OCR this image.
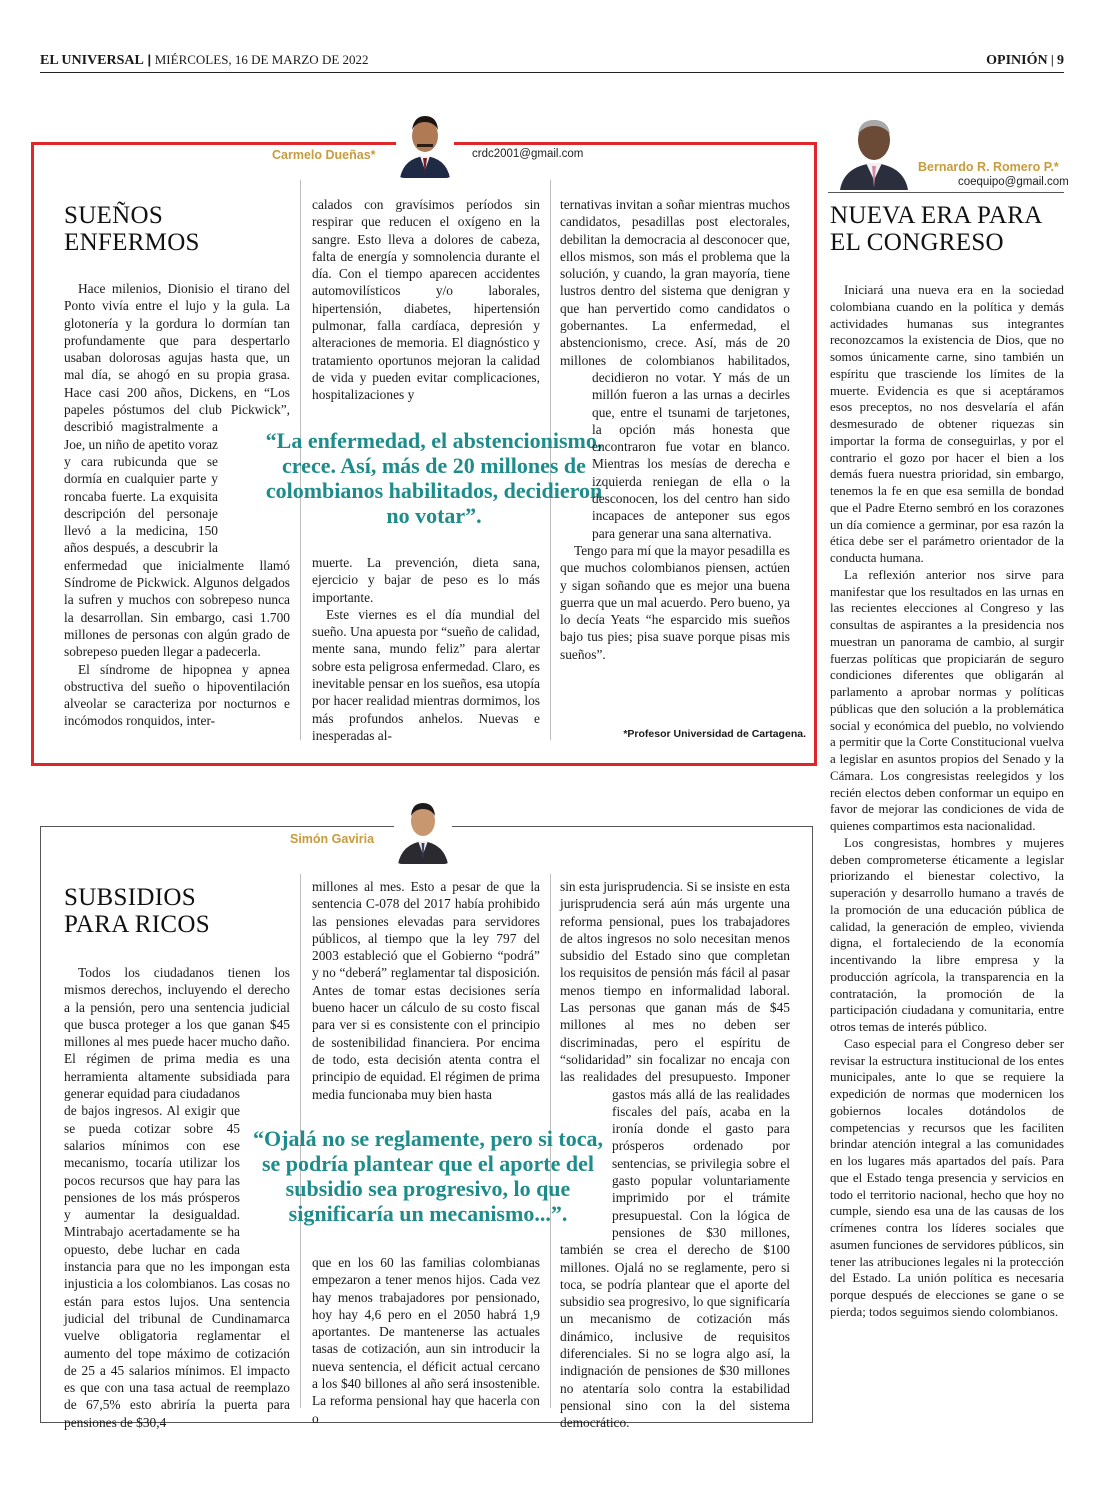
EL UNIVERSAL | MIÉRCOLES, 16 DE MARZO DE 2022	OPINIÓN | 9
Carmelo Dueñas*	crdc2001@gmail.com
SUEÑOS
ENFERMOS

Hace milenios, Dionisio el tirano del Ponto vivía entre el lujo y la gula. La glotonería y la gordura lo dormían tan profundamente que para despertarlo usaban dolorosas agujas hasta que, un mal día, se ahogó en su propia grasa. Hace casi 200 años, Dickens, en “Los papeles póstumos del club Pickwick”, describió magistralmente a Joe, un niño de apetito voraz y cara rubicunda que se dormía en cualquier parte y roncaba fuerte. La exquisita descripción del personaje llevó a la medicina, 150 años después, a descubrir la enfermedad que inicialmente llamó Síndrome de Pickwick. Algunos delgados la sufren y muchos con sobrepeso nunca la desarrollan. Sin embargo, casi 1.700 millones de personas con algún grado de sobrepeso pueden llegar a padecerla.

El síndrome de hipopnea y apnea obstructiva del sueño o hipoventilación alveolar se caracteriza por nocturnos e incómodos ronquidos, inter-

calados con gravísimos períodos sin respirar que reducen el oxígeno en la sangre. Esto lleva a dolores de cabeza, falta de energía y somnolencia durante el día. Con el tiempo aparecen accidentes automovilísticos y/o laborales, hipertensión, diabetes, hipertensión pulmonar, falla cardíaca, depresión y alteraciones de memoria. El diagnóstico y tratamiento oportunos mejoran la calidad de vida y pueden evitar complicaciones, hospitalizaciones y

“La enfermedad, el abstencionismo, crece. Así, más de 20 millones de colombianos habilitados, decidieron no votar”.

muerte. La prevención, dieta sana, ejercicio y bajar de peso es lo más importante.

Este viernes es el día mundial del sueño. Una apuesta por “sueño de calidad, mente sana, mundo feliz” para alertar sobre esta peligrosa enfermedad. Claro, es inevitable pensar en los sueños, esa utopía por hacer realidad mientras dormimos, los más profundos anhelos. Nuevas e inesperadas al-

ternativas invitan a soñar mientras muchos candidatos, pesadillas post electorales, debilitan la democracia al desconocer que, ellos mismos, son más el problema que la solución, y cuando, la gran mayoría, tiene lustros dentro del sistema que denigran y que han pervertido como candidatos o gobernantes. La enfermedad, el abstencionismo, crece. Así, más de 20 millones de colombianos habilitados, decidieron no votar. Y más de un millón fueron a las urnas a decirles que, entre el tsunami de tarjetones, la opción más honesta que encontraron fue votar en blanco. Mientras los mesías de derecha e izquierda reniegan de ella o la desconocen, los del centro han sido incapaces de anteponer sus egos para generar una sana alternativa.

Tengo para mí que la mayor pesadilla es que muchos colombianos piensen, actúen y sigan soñando que es mejor una buena guerra que un mal acuerdo. Pero bueno, ya lo decía Yeats “he esparcido mis sueños bajo tus pies; pisa suave porque pisas mis sueños”.

*Profesor Universidad de Cartagena.
Simón Gaviria
SUBSIDIOS
PARA RICOS

Todos los ciudadanos tienen los mismos derechos, incluyendo el derecho a la pensión, pero una sentencia judicial que busca proteger a los que ganan $45 millones al mes puede hacer mucho daño. El régimen de prima media es una herramienta altamente subsidiada para generar equidad para ciudadanos de bajos ingresos. Al exigir que se pueda cotizar sobre 45 salarios mínimos con ese mecanismo, tocaría utilizar los pocos recursos que hay para las pensiones de los más prósperos y aumentar la desigualdad. Mintrabajo acertadamente se ha opuesto, debe luchar en cada instancia para que no les impongan esta injusticia a los colombianos. Las cosas no están para estos lujos. Una sentencia judicial del tribunal de Cundinamarca vuelve obligatoria reglamentar el aumento del tope máximo de cotización de 25 a 45 salarios mínimos. El impacto es que con una tasa actual de reemplazo de 67,5% esto abriría la puerta para pensiones de $30,4

millones al mes. Esto a pesar de que la sentencia C-078 del 2017 había prohibido las pensiones elevadas para servidores públicos, al tiempo que la ley 797 del 2003 estableció que el Gobierno “podrá” y no “deberá” reglamentar tal disposición. Antes de tomar estas decisiones sería bueno hacer un cálculo de su costo fiscal para ver si es consistente con el principio de sostenibilidad financiera. Por encima de todo, esta decisión atenta contra el principio de equidad. El régimen de prima media funcionaba muy bien hasta

“Ojalá no se reglamente, pero si toca, se podría plantear que el aporte del subsidio sea progresivo, lo que significaría un mecanismo...”.

que en los 60 las familias colombianas empezaron a tener menos hijos. Cada vez hay menos trabajadores por pensionado, hoy hay 4,6 pero en el 2050 habrá 1,9 aportantes. De mantenerse las actuales tasas de cotización, aun sin introducir la nueva sentencia, el déficit actual cercano a los $40 billones al año será insostenible. La reforma pensional hay que hacerla con o

sin esta jurisprudencia. Si se insiste en esta jurisprudencia será aún más urgente una reforma pensional, pues los trabajadores de altos ingresos no solo necesitan menos subsidio del Estado sino que completan los requisitos de pensión más fácil al pasar menos tiempo en informalidad laboral. Las personas que ganan más de $45 millones al mes no deben ser discriminadas, pero el espíritu de “solidaridad” sin focalizar no encaja con las realidades del presupuesto. Imponer gastos más allá de las realidades fiscales del país, acaba en la ironía donde el gasto para prósperos ordenado por sentencias, se privilegia sobre el gasto popular voluntariamente imprimido por el trámite presupuestal. Con la lógica de pensiones de $30 millones, también se crea el derecho de $100 millones. Ojalá no se reglamente, pero si toca, se podría plantear que el aporte del subsidio sea progresivo, lo que significaría un mecanismo de cotización más dinámico, inclusive de requisitos diferenciales. Si no se logra algo así, la indignación de pensiones de $30 millones no atentaría solo contra la estabilidad pensional sino con la del sistema democrático.

Bernardo R. Romero P.*
coequipo@gmail.com
NUEVA ERA PARA
EL CONGRESO

Iniciará una nueva era en la sociedad colombiana cuando en la política y demás actividades humanas sus integrantes reconozcamos la existencia de Dios, que no somos únicamente carne, sino también un espíritu que trasciende los límites de la muerte. Evidencia es que si aceptáramos esos preceptos, no nos desvelaría el afán desmesurado de obtener riquezas sin importar la forma de conseguirlas, y por el contrario el gozo por hacer el bien a los demás fuera nuestra prioridad, sin embargo, tenemos la fe en que esa semilla de bondad que el Padre Eterno sembró en los corazones un día comience a germinar, por esa razón la ética debe ser el parámetro orientador de la conducta humana.

La reflexión anterior nos sirve para manifestar que los resultados en las urnas en las recientes elecciones al Congreso y las consultas de aspirantes a la presidencia nos muestran un panorama de cambio, al surgir fuerzas políticas que propiciarán de seguro condiciones diferentes que obligarán al parlamento a aprobar normas y políticas públicas que den solución a la problemática social y económica del pueblo, no volviendo a permitir que la Corte Constitucional vuelva a legislar en asuntos propios del Senado y la Cámara. Los congresistas reelegidos y los recién electos deben conformar un equipo en favor de mejorar las condiciones de vida de quienes compartimos esta nacionalidad.

Los congresistas, hombres y mujeres deben comprometerse éticamente a legislar priorizando el bienestar colectivo, la superación y desarrollo humano a través de la promoción de una educación pública de calidad, la generación de empleo, vivienda digna, el fortaleciendo de la economía incentivando la libre empresa y la producción agrícola, la transparencia en la contratación, la promoción de la participación ciudadana y comunitaria, entre otros temas de interés público.

Caso especial para el Congreso deber ser revisar la estructura institucional de los entes municipales, ante lo que se requiere la expedición de normas que modernicen los gobiernos locales dotándolos de competencias y recursos que les faciliten brindar atención integral a las comunidades en los lugares más apartados del país. Para que el Estado tenga presencia y servicios en todo el territorio nacional, hecho que hoy no cumple, siendo esa una de las causas de los crímenes contra los líderes sociales que asumen funciones de servidores públicos, sin tener las atribuciones legales ni la protección del Estado. La unión política es necesaria porque después de elecciones se gane o se pierda; todos seguimos siendo colombianos.
